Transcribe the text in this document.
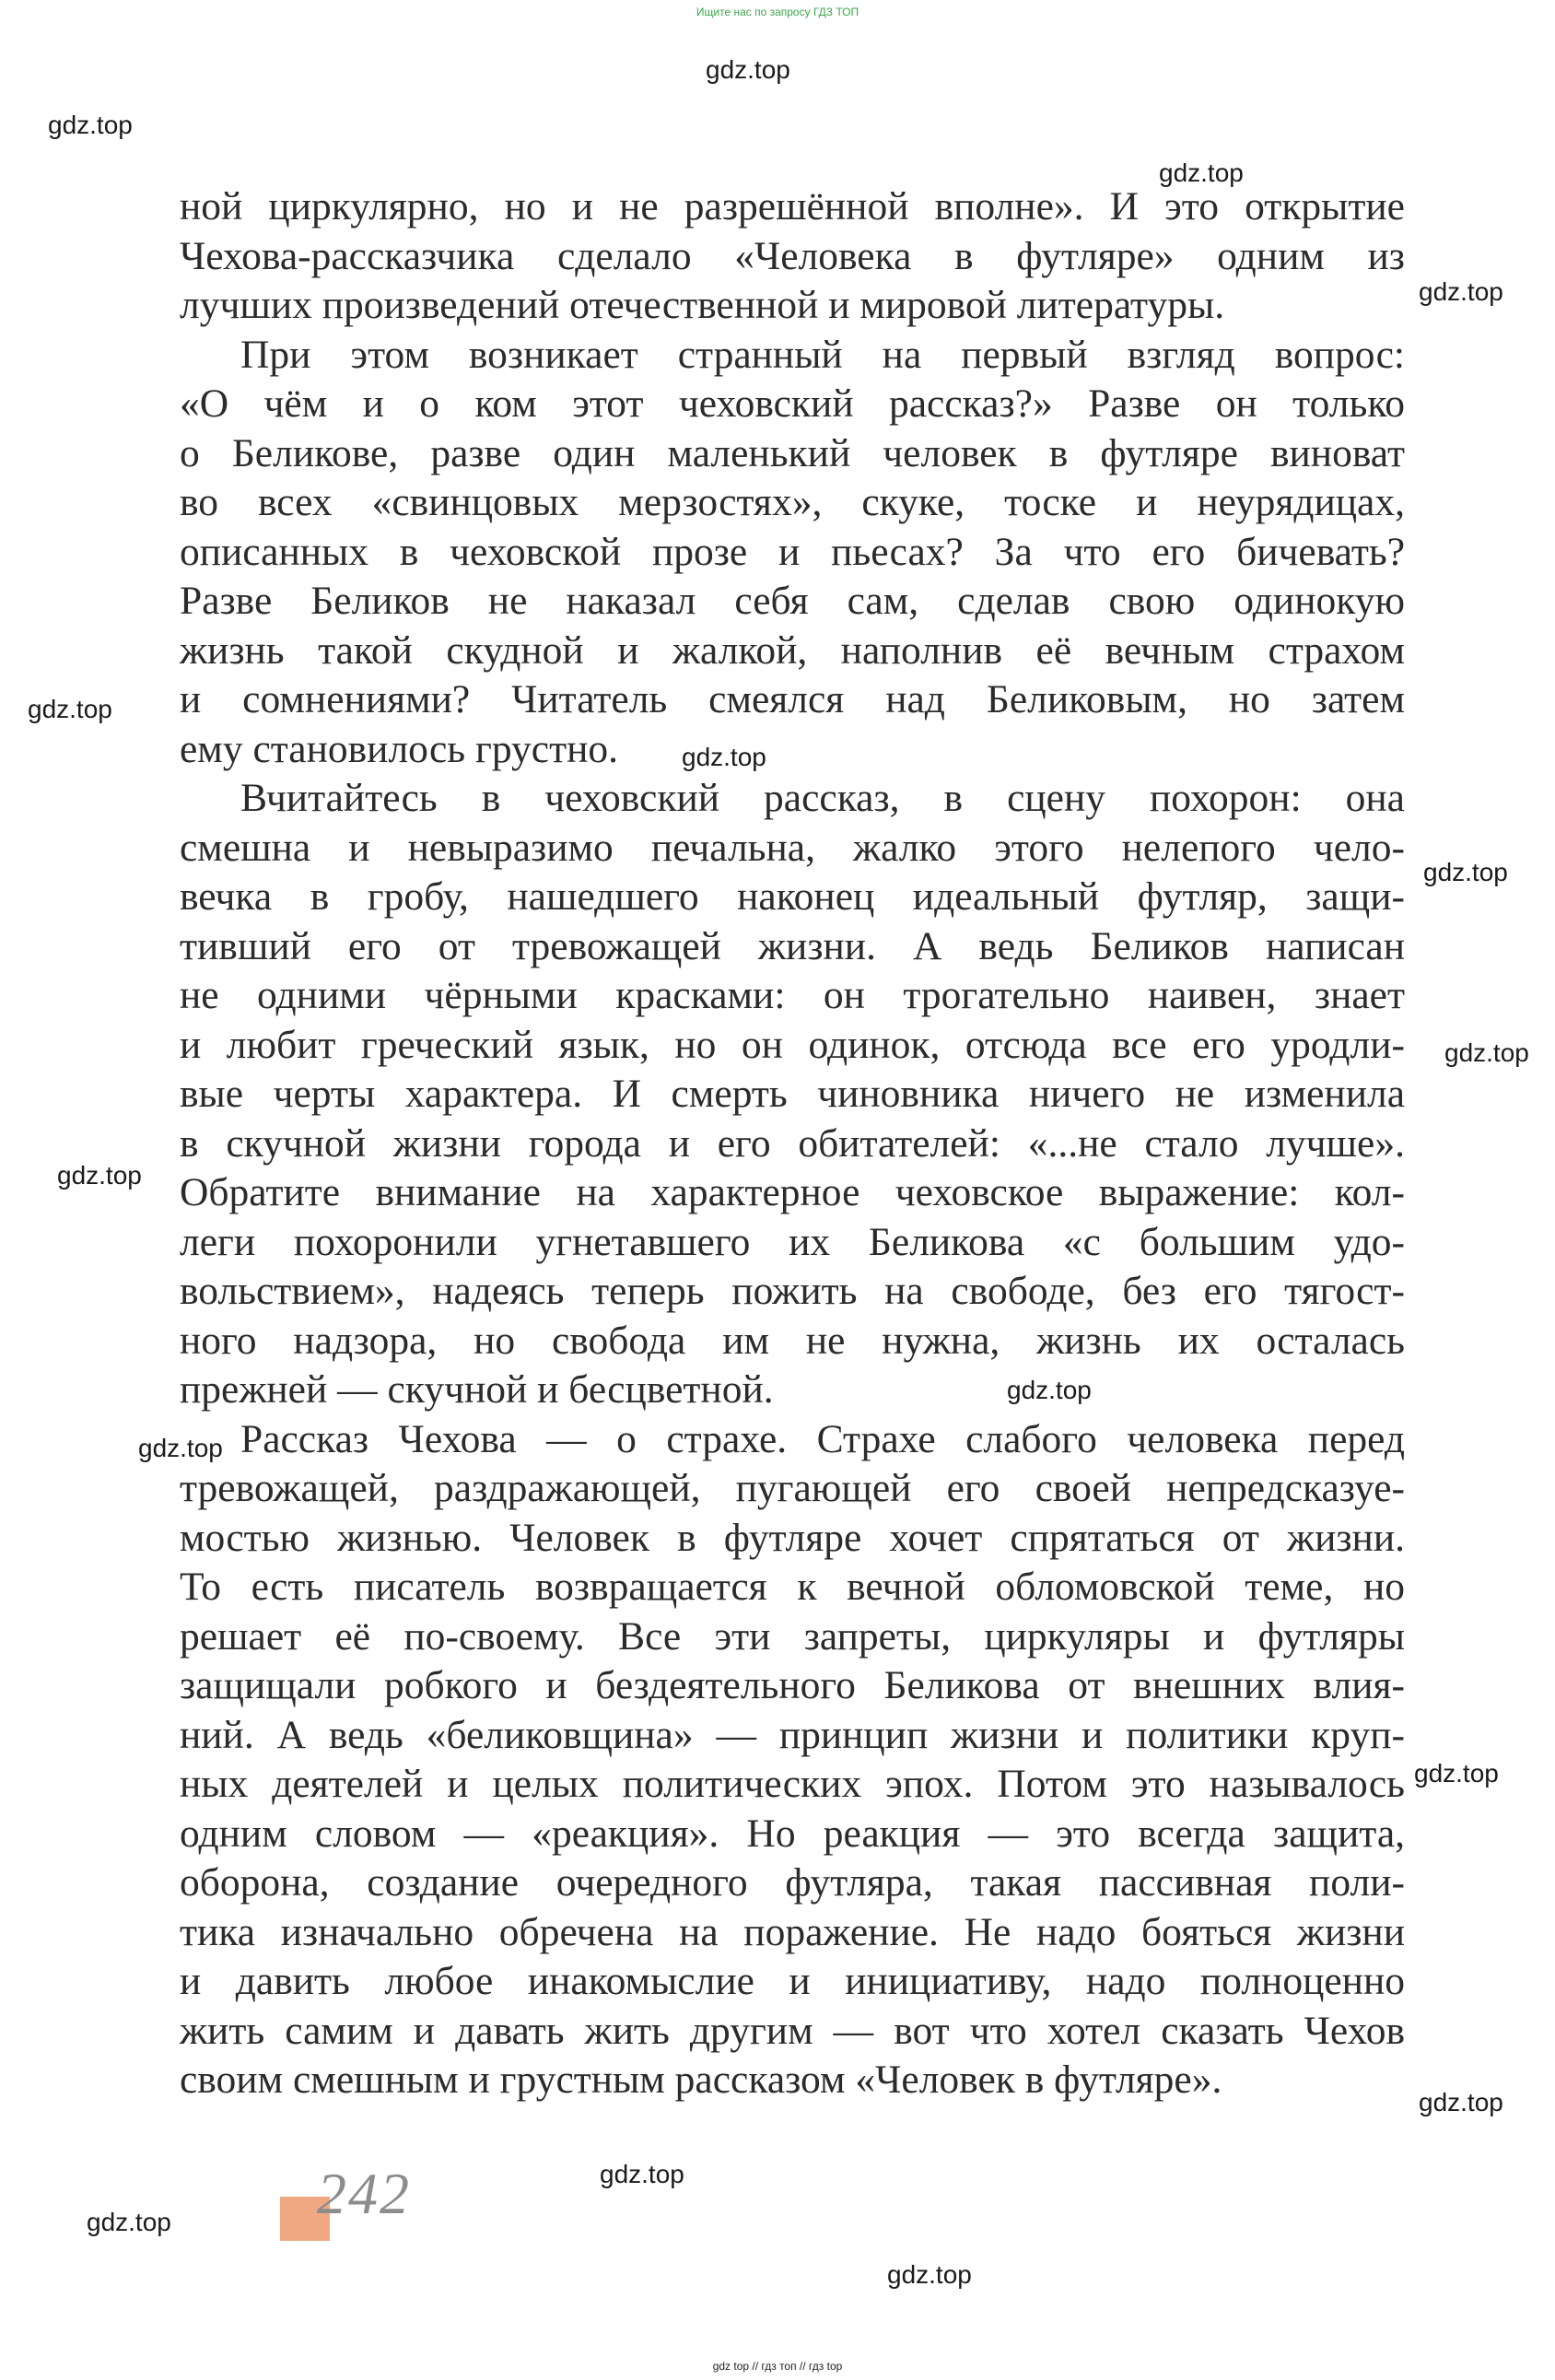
Ищите нас по запросу ГДЗ ТОП
gdz.top
gdz.top
gdz.top
gdz.top
gdz.top
gdz.top
gdz.top
gdz.top
gdz.top
gdz.top
gdz.top
gdz.top
gdz.top
gdz.top
gdz.top
gdz.top
ной циркулярно, но и не разрешённой вполне». И это открытие
Чехова-рассказчика сделало «Человека в футляре» одним из
лучших произведений отечественной и мировой литературы.
При этом возникает странный на первый взгляд вопрос:
«О чём и о ком этот чеховский рассказ?» Разве он только
о Беликове, разве один маленький человек в футляре виноват
во всех «свинцовых мерзостях», скуке, тоске и неурядицах,
описанных в чеховской прозе и пьесах? За что его бичевать?
Разве Беликов не наказал себя сам, сделав свою одинокую
жизнь такой скудной и жалкой, наполнив её вечным страхом
и сомнениями? Читатель смеялся над Беликовым, но затем
ему становилось грустно.
Вчитайтесь в чеховский рассказ, в сцену похорон: она
смешна и невыразимо печальна, жалко этого нелепого чело-
вечка в гробу, нашедшего наконец идеальный футляр, защи-
тивший его от тревожащей жизни. А ведь Беликов написан
не одними чёрными красками: он трогательно наивен, знает
и любит греческий язык, но он одинок, отсюда все его уродли-
вые черты характера. И смерть чиновника ничего не изменила
в скучной жизни города и его обитателей: «...не стало лучше».
Обратите внимание на характерное чеховское выражение: кол-
леги похоронили угнетавшего их Беликова «с большим удо-
вольствием», надеясь теперь пожить на свободе, без его тягост-
ного надзора, но свобода им не нужна, жизнь их осталась
прежней — скучной и бесцветной.
Рассказ Чехова — о страхе. Страхе слабого человека перед
тревожащей, раздражающей, пугающей его своей непредсказуе-
мостью жизнью. Человек в футляре хочет спрятаться от жизни.
То есть писатель возвращается к вечной обломовской теме, но
решает её по-своему. Все эти запреты, циркуляры и футляры
защищали робкого и бездеятельного Беликова от внешних влия-
ний. А ведь «беликовщина» — принцип жизни и политики круп-
ных деятелей и целых политических эпох. Потом это называлось
одним словом — «реакция». Но реакция — это всегда защита,
оборона, создание очередного футляра, такая пассивная поли-
тика изначально обречена на поражение. Не надо бояться жизни
и давить любое инакомыслие и инициативу, надо полноценно
жить самим и давать жить другим — вот что хотел сказать Чехов
своим смешным и грустным рассказом «Человек в футляре».
242
gdz top // гдз топ // гдз top
